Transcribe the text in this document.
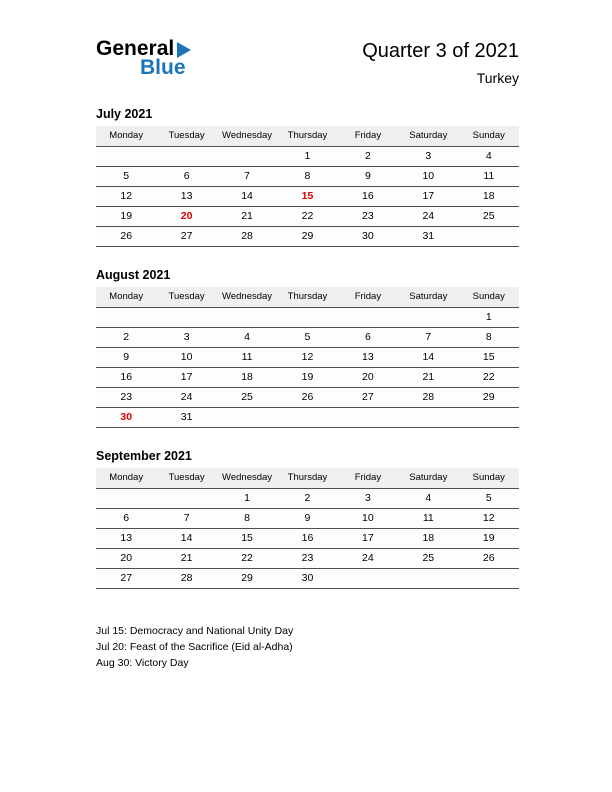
General
Blue
Quarter 3 of 2021
Turkey
July 2021
Monday	Tuesday	Wednesday	Thursday	Friday	Saturday	Sunday
			1	2	3	4
5	6	7	8	9	10	11
12	13	14	15	16	17	18
19	20	21	22	23	24	25
26	27	28	29	30	31	
August 2021
Monday	Tuesday	Wednesday	Thursday	Friday	Saturday	Sunday
						1
2	3	4	5	6	7	8
9	10	11	12	13	14	15
16	17	18	19	20	21	22
23	24	25	26	27	28	29
30	31					
September 2021
Monday	Tuesday	Wednesday	Thursday	Friday	Saturday	Sunday
		1	2	3	4	5
6	7	8	9	10	11	12
13	14	15	16	17	18	19
20	21	22	23	24	25	26
27	28	29	30			
Jul 15: Democracy and National Unity Day
Jul 20: Feast of the Sacrifice (Eid al-Adha)
Aug 30: Victory Day
